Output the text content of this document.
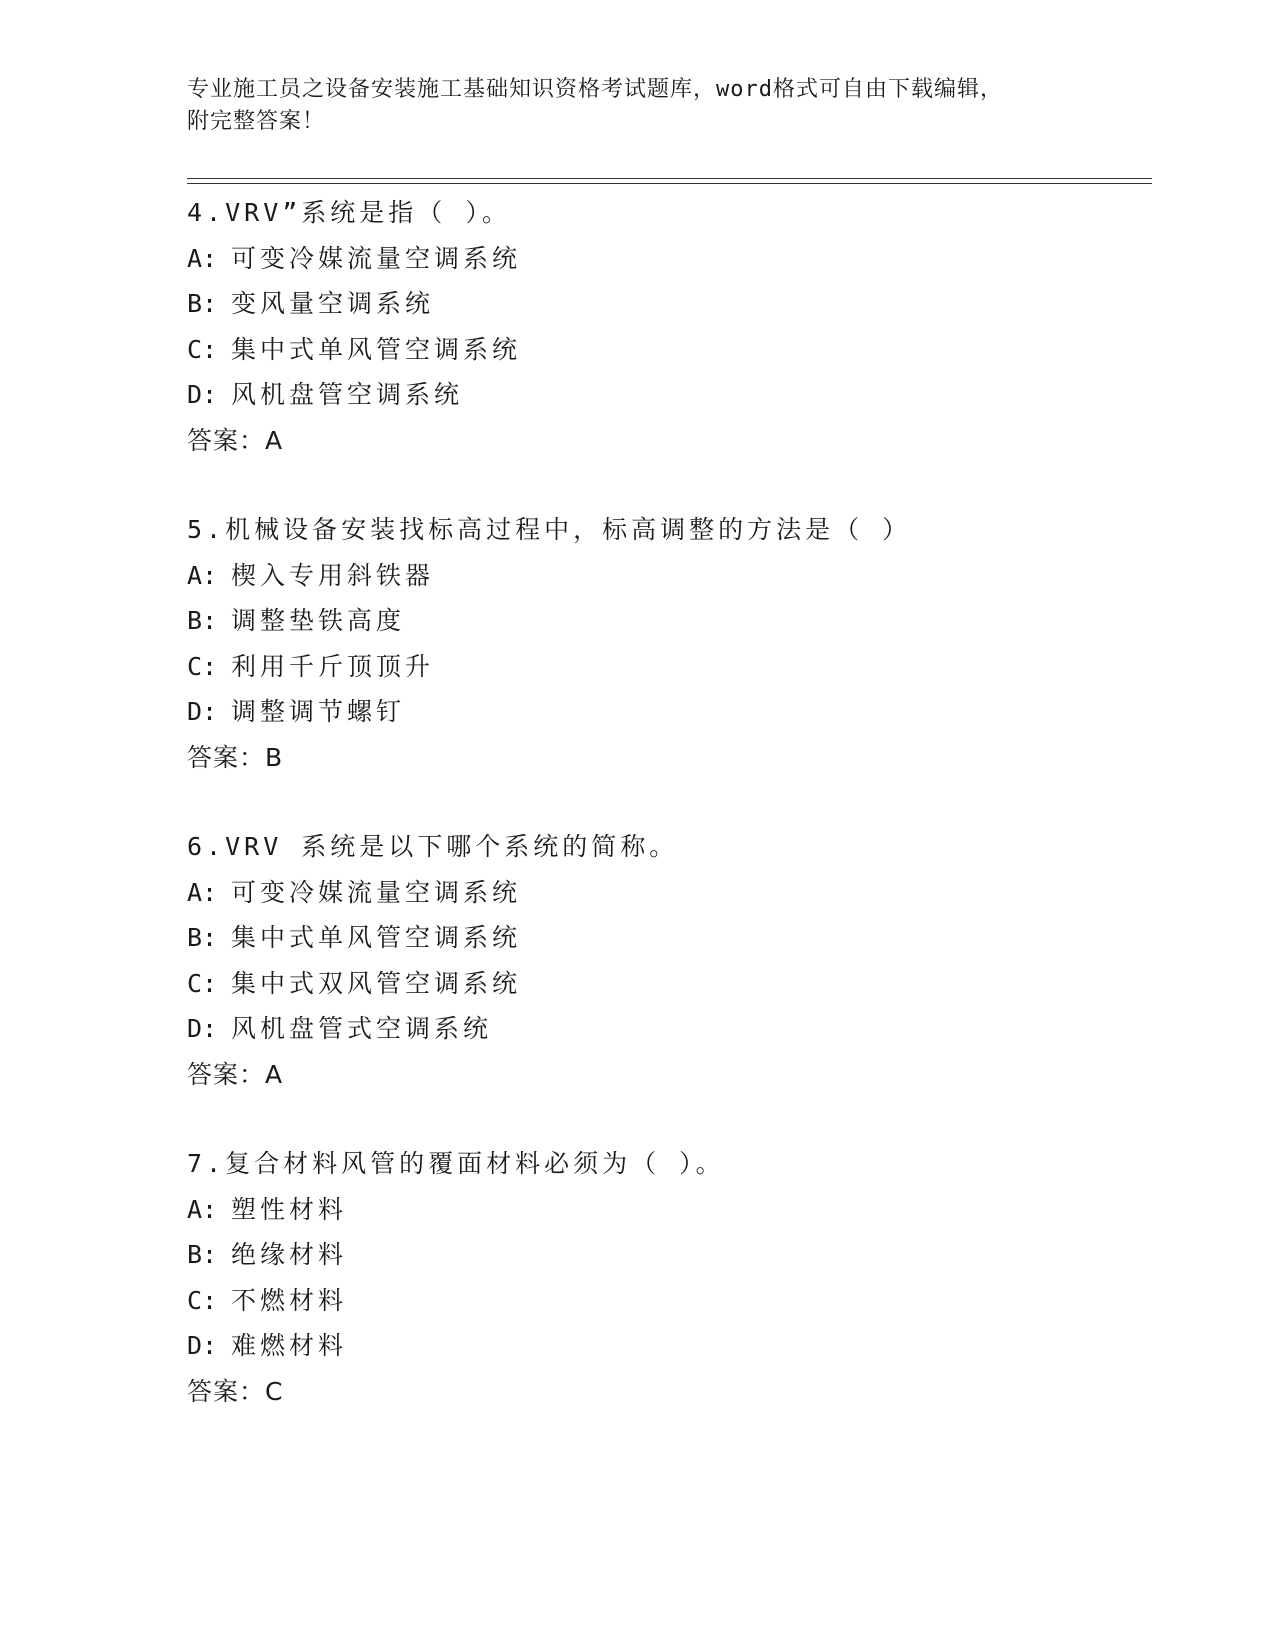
专业施工员之设备安装施工基础知识资格考试题库，word格式可自由下载编辑，
附完整答案！
4.VRV”系统是指（ ）。
A: 可变冷媒流量空调系统
B: 变风量空调系统
C: 集中式单风管空调系统
D: 风机盘管空调系统
答案：A
5.机械设备安装找标高过程中，标高调整的方法是（ ）
A: 楔入专用斜铁器
B: 调整垫铁高度
C: 利用千斤顶顶升
D: 调整调节螺钉
答案：B
6.VRV 系统是以下哪个系统的简称。
A: 可变冷媒流量空调系统
B: 集中式单风管空调系统
C: 集中式双风管空调系统
D: 风机盘管式空调系统
答案：A
7.复合材料风管的覆面材料必须为（ ）。
A: 塑性材料
B: 绝缘材料
C: 不燃材料
D: 难燃材料
答案：C
